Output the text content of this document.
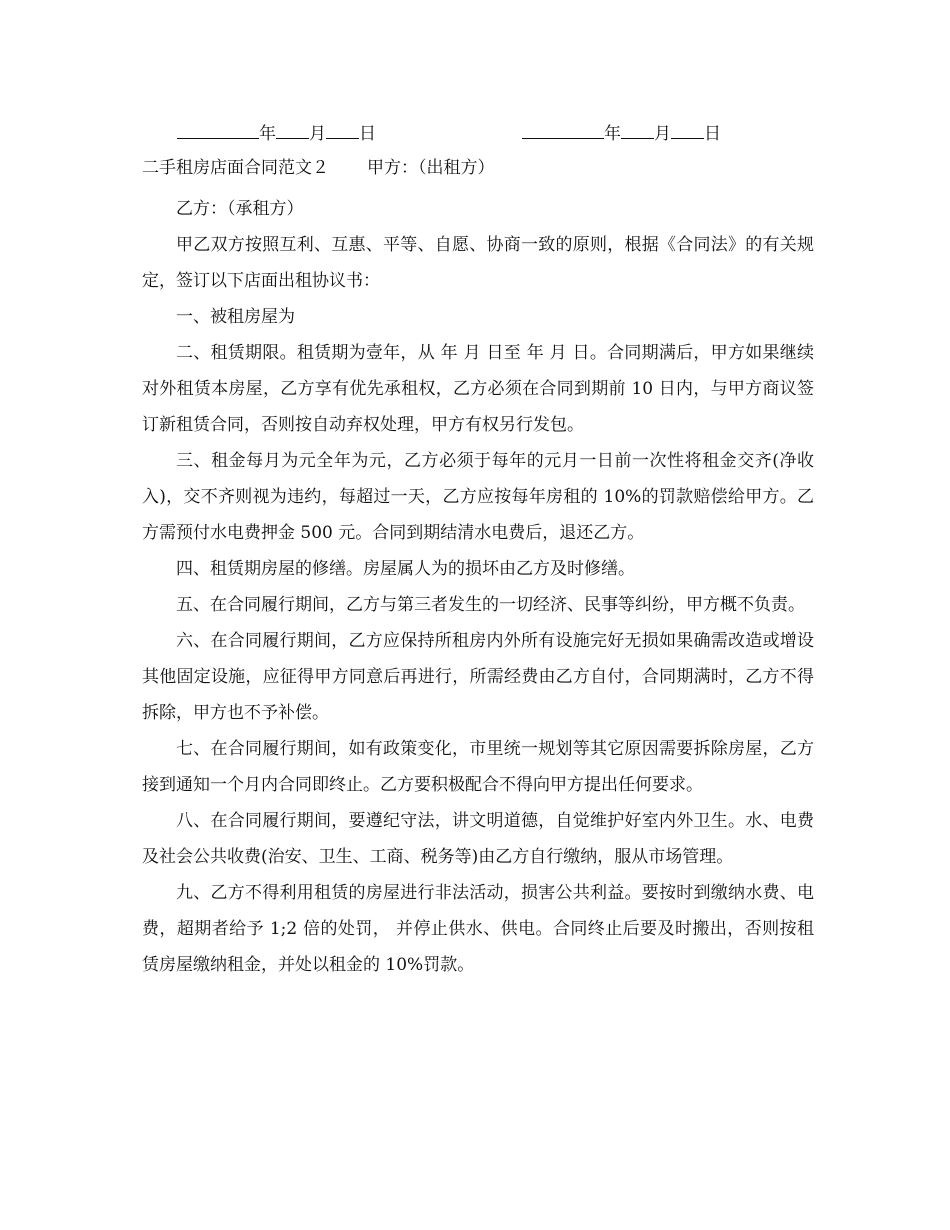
年 月 日	年 月 日
二手租房店面合同范文２ 甲方：（出租方）

乙方：（承租方）

甲乙双方按照互利、互惠、平等、自愿、协商一致的原则，根据《合同法》的有关规定，签订以下店面出租协议书：

一、被租房屋为

二、租赁期限。租赁期为壹年，从 年 月 日至 年 月 日。合同期满后，甲方如果继续对外租赁本房屋，乙方享有优先承租权，乙方必须在合同到期前 10 日内，与甲方商议签订新租赁合同，否则按自动弃权处理，甲方有权另行发包。

三、租金每月为元全年为元，乙方必须于每年的元月一日前一次性将租金交齐(净收入)，交不齐则视为违约，每超过一天，乙方应按每年房租的 10%的罚款赔偿给甲方。乙方需预付水电费押金 500 元。合同到期结清水电费后，退还乙方。

四、租赁期房屋的修缮。房屋属人为的损坏由乙方及时修缮。

五、在合同履行期间，乙方与第三者发生的一切经济、民事等纠纷，甲方概不负责。

六、在合同履行期间，乙方应保持所租房内外所有设施完好无损如果确需改造或增设其他固定设施，应征得甲方同意后再进行，所需经费由乙方自付，合同期满时，乙方不得拆除，甲方也不予补偿。

七、在合同履行期间，如有政策变化，市里统一规划等其它原因需要拆除房屋，乙方接到通知一个月内合同即终止。乙方要积极配合不得向甲方提出任何要求。

八、在合同履行期间，要遵纪守法，讲文明道德，自觉维护好室内外卫生。水、电费及社会公共收费(治安、卫生、工商、税务等)由乙方自行缴纳，服从市场管理。

九、乙方不得利用租赁的房屋进行非法活动，损害公共利益。要按时到缴纳水费、电费，超期者给予 1;2 倍的处罚， 并停止供水、供电。合同终止后要及时搬出，否则按租赁房屋缴纳租金，并处以租金的 10%罚款。
